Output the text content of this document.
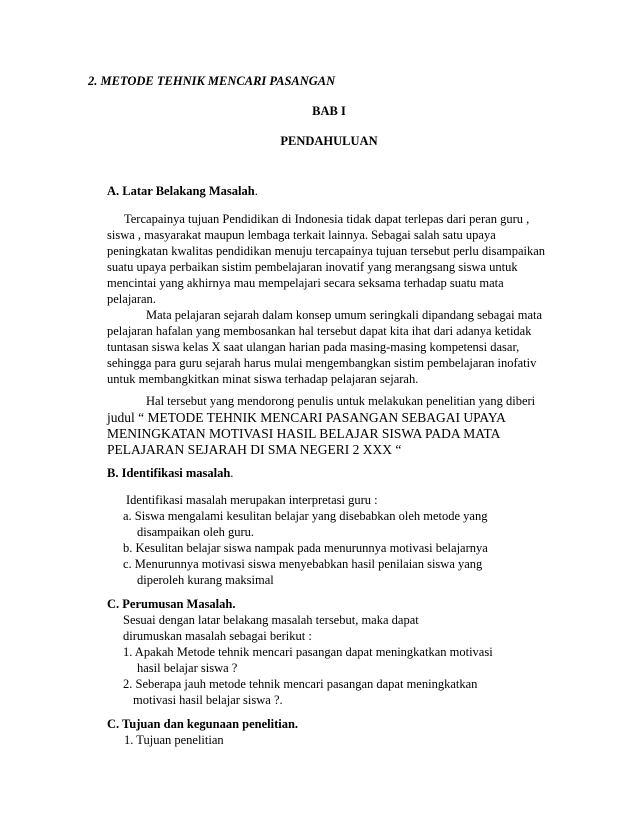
2. METODE TEHNIK MENCARI PASANGAN
BAB I
PENDAHULUAN
A. Latar Belakang Masalah.
Tercapainya tujuan Pendidikan di Indonesia tidak dapat terlepas dari peran guru ,
siswa , masyarakat maupun lembaga terkait lainnya. Sebagai salah satu upaya
peningkatan kwalitas pendidikan menuju tercapainya tujuan tersebut perlu disampaikan
suatu upaya perbaikan sistim pembelajaran inovatif yang merangsang siswa untuk
mencintai yang akhirnya mau mempelajari secara seksama terhadap suatu mata
pelajaran.
Mata pelajaran sejarah dalam konsep umum seringkali dipandang sebagai mata
pelajaran hafalan yang membosankan hal tersebut dapat kita ihat dari adanya ketidak
tuntasan siswa kelas X saat ulangan harian pada masing-masing kompetensi dasar,
sehingga para guru sejarah harus mulai mengembangkan sistim pembelajaran inofativ
untuk membangkitkan minat siswa terhadap pelajaran sejarah.
Hal tersebut yang mendorong penulis untuk melakukan penelitian yang diberi
judul “ METODE TEHNIK MENCARI PASANGAN SEBAGAI UPAYA
MENINGKATAN MOTIVASI HASIL BELAJAR SISWA PADA MATA
PELAJARAN SEJARAH DI SMA NEGERI 2 XXX “
B. Identifikasi masalah.
Identifikasi masalah merupakan interpretasi guru :
a. Siswa mengalami kesulitan belajar yang disebabkan oleh metode yang
disampaikan oleh guru.
b. Kesulitan belajar siswa nampak pada menurunnya motivasi belajarnya
c. Menurunnya motivasi siswa menyebabkan hasil penilaian siswa yang
diperoleh kurang maksimal
C. Perumusan Masalah.
Sesuai dengan latar belakang masalah tersebut, maka dapat
dirumuskan masalah sebagai berikut :
1. Apakah Metode tehnik mencari pasangan dapat meningkatkan motivasi
hasil belajar siswa ?
2. Seberapa jauh metode tehnik mencari pasangan dapat meningkatkan
motivasi hasil belajar siswa ?.
C. Tujuan dan kegunaan penelitian.
1. Tujuan penelitian
